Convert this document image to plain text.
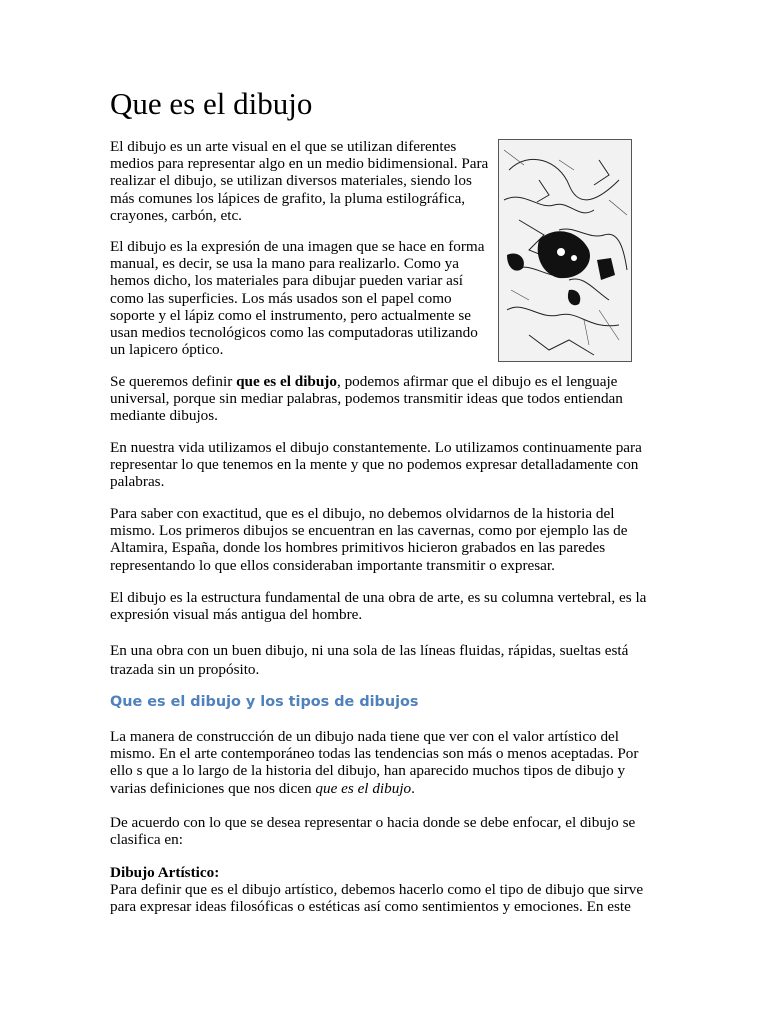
Que es el dibujo

El dibujo es un arte visual en el que se utilizan diferentes medios para representar algo en un medio bidimensional. Para realizar el dibujo, se utilizan diversos materiales, siendo los más comunes los lápices de grafito, la pluma estilográfica, crayones, carbón, etc.

El dibujo es la expresión de una imagen que se hace en forma manual, es decir, se usa la mano para realizarlo. Como ya hemos dicho, los materiales para dibujar pueden variar así como las superficies. Los más usados son el papel como soporte y el lápiz como el instrumento, pero actualmente se usan medios tecnológicos como las computadoras utilizando un lapicero óptico.

Se queremos definir que es el dibujo, podemos afirmar que el dibujo es el lenguaje universal, porque sin mediar palabras, podemos transmitir ideas que todos entiendan mediante dibujos.

En nuestra vida utilizamos el dibujo constantemente. Lo utilizamos continuamente para representar lo que tenemos en la mente y que no podemos expresar detalladamente con palabras.

Para saber con exactitud, que es el dibujo, no debemos olvidarnos de la historia del mismo. Los primeros dibujos se encuentran en las cavernas, como por ejemplo las de Altamira, España, donde los hombres primitivos hicieron grabados en las paredes representando lo que ellos consideraban importante transmitir o expresar.

El dibujo es la estructura fundamental de una obra de arte, es su columna vertebral, es la expresión visual más antigua del hombre.

En una obra con un buen dibujo, ni una sola de las líneas fluidas, rápidas, sueltas está trazada sin un propósito.

Que es el dibujo y los tipos de dibujos

La manera de construcción de un dibujo nada tiene que ver con el valor artístico del mismo. En el arte contemporáneo todas las tendencias son más o menos aceptadas. Por ello s que a lo largo de la historia del dibujo, han aparecido muchos tipos de dibujo y varias definiciones que nos dicen que es el dibujo.

De acuerdo con lo que se desea representar o hacia donde se debe enfocar, el dibujo se clasifica en:

Dibujo Artístico:
Para definir que es el dibujo artístico, debemos hacerlo como el tipo de dibujo que sirve para expresar ideas filosóficas o estéticas así como sentimientos y emociones. En este
